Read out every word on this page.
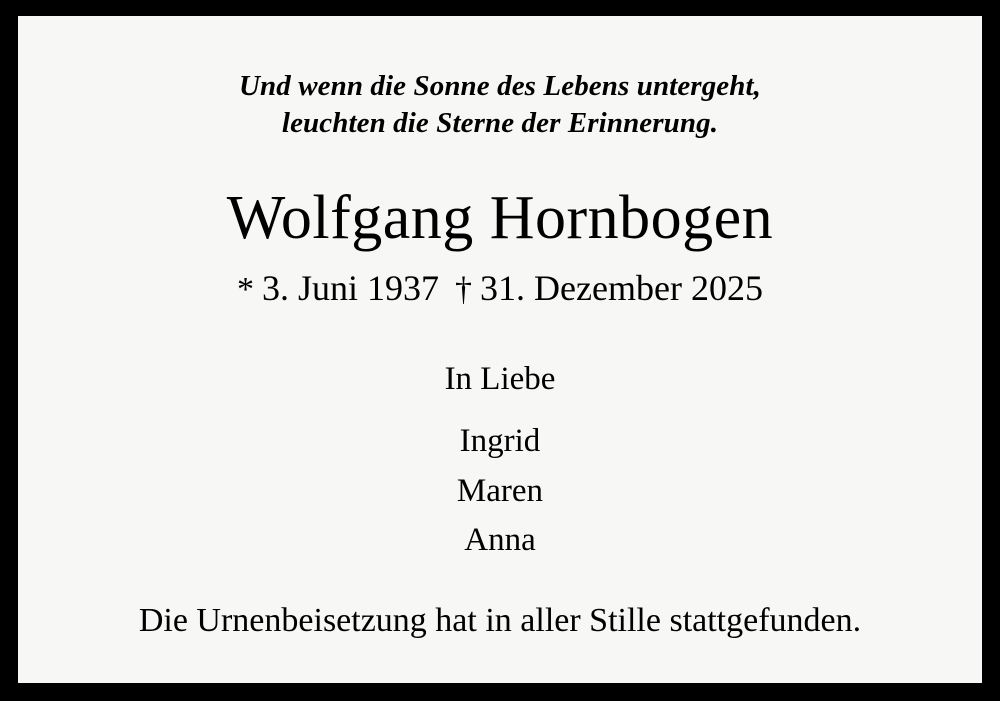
Und wenn die Sonne des Lebens untergeht,
leuchten die Sterne der Erinnerung.
Wolfgang Hornbogen
* 3. Juni 1937 † 31. Dezember 2025
In Liebe
Ingrid
Maren
Anna
Die Urnenbeisetzung hat in aller Stille stattgefunden.
